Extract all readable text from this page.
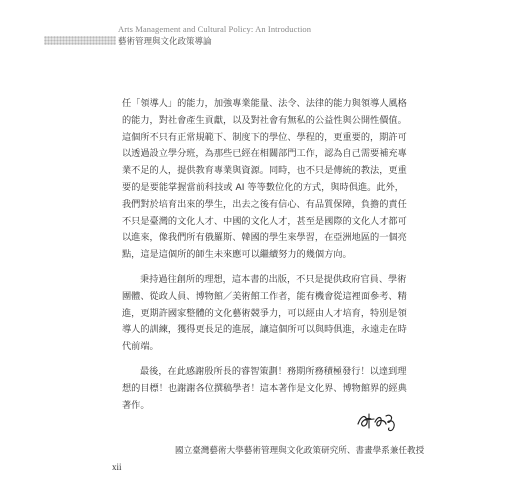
Arts Management and Cultural Policy: An Introduction
藝術管理與文化政策導論
任「領導人」的能力，加強專業能量、法令、法律的能力與領導人風格
的能力，對社會產生貢獻，以及對社會有無私的公益性與公開性價值。
這個所不只有正常規範下、制度下的學位、學程的，更重要的，期許可
以透過設立學分班，為那些已經在相關部門工作，認為自己需要補充專
業不足的人，提供教育專業與資源。同時，也不只是傳統的教法，更重
要的是要能掌握當前科技或 AI 等等數位化的方式，與時俱進。此外，
我們對於培育出來的學生，出去之後有信心、有品質保障，負擔的責任
不只是臺灣的文化人才、中國的文化人才，甚至是國際的文化人才都可
以進來，像我們所有俄羅斯、韓國的學生來學習，在亞洲地區的一個亮
點，這是這個所的師生未來應可以繼續努力的幾個方向。
秉持過往創所的理想，這本書的出版，不只是提供政府官員、學術
團體、從政人員、博物館／美術館工作者，能有機會從這裡面參考、精
進，更期許國家整體的文化藝術競爭力，可以經由人才培育，特別是領
導人的訓練，獲得更長足的進展，讓這個所可以與時俱進，永遠走在時
代前端。
最後，在此感謝殷所長的睿智策劃！務期所務積極發行！以達到理
想的目標！也謝謝各位撰稿學者！這本著作是文化界、博物館界的經典
著作。
國立臺灣藝術大學藝術管理與文化政策研究所、書畫學系兼任教授
xii
